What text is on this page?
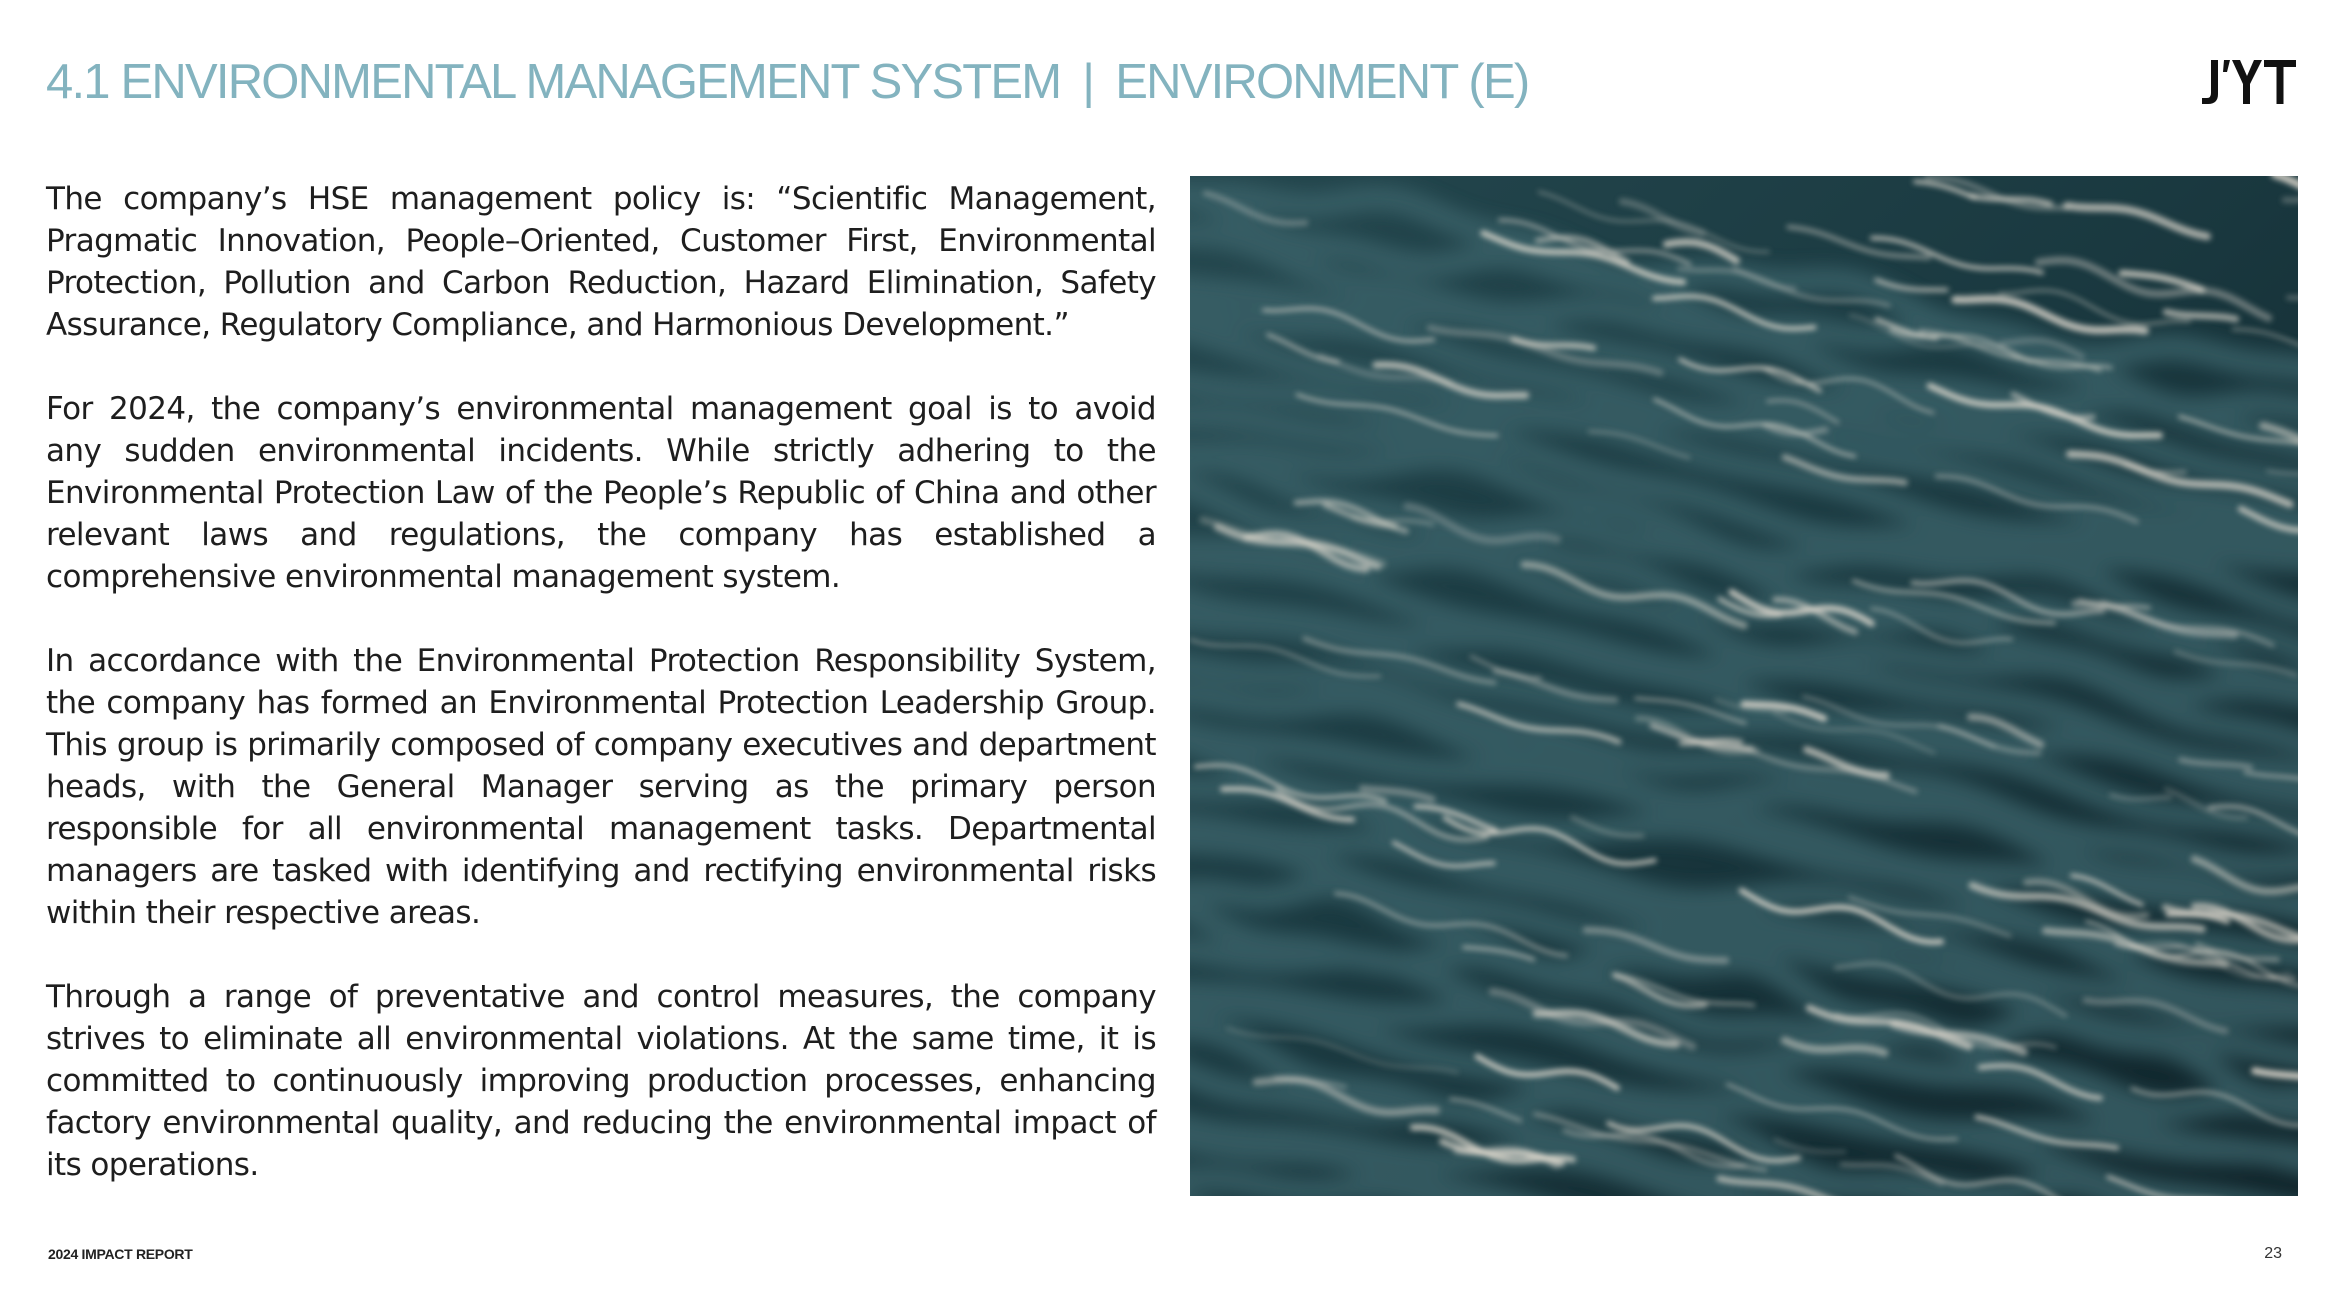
4.1 ENVIRONMENTAL MANAGEMENT SYSTEM | ENVIRONMENT (E)

The company’s HSE management policy is: “Scientific Management, Pragmatic Innovation, People–Oriented, Customer First, Environmental Protection, Pollution and Carbon Reduction, Hazard Elimination, Safety Assurance, Regulatory Compliance, and Harmonious Development.”

For 2024, the company’s environmental management goal is to avoid any sudden environmental incidents. While strictly adhering to the Environmental Protection Law of the People’s Republic of China and other relevant laws and regulations, the company has established a comprehensive environmental management system.

In accordance with the Environmental Protection Responsibility System, the company has formed an Environmental Protection Leadership Group. This group is primarily composed of company executives and department heads, with the General Manager serving as the primary person responsible for all environmental management tasks. Departmental managers are tasked with identifying and rectifying environmental risks within their respective areas.

Through a range of preventative and control measures, the company strives to eliminate all environmental violations. At the same time, it is committed to continuously improving production processes, enhancing factory environmental quality, and reducing the environmental impact of its operations.

2024 IMPACT REPORT	23
